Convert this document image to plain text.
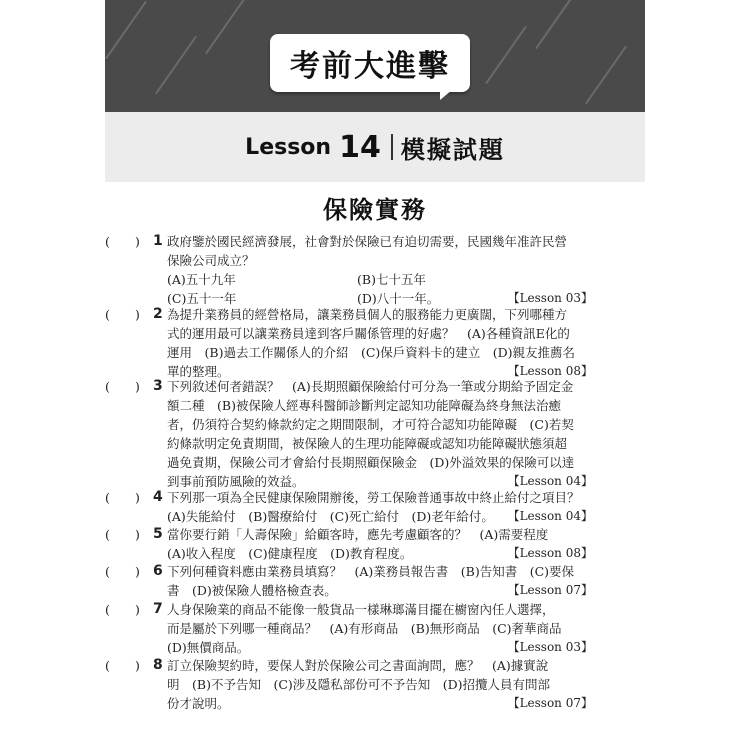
考前大進擊
Lesson 14 模擬試題
保險實務
( ) 1 政府鑒於國民經濟發展，社會對於保險已有迫切需要，民國幾年准許民營
保險公司成立？
(A)五十九年	(B)七十五年
(C)五十一年	(D)八十一年。	【Lesson 03】
( ) 2 為提升業務員的經營格局，讓業務員個人的服務能力更廣闊，下列哪種方
式的運用最可以讓業務員達到客戶關係管理的好處？　(A)各種資訊E化的
運用　(B)過去工作關係人的介紹　(C)保戶資料卡的建立　(D)親友推薦名
單的整理。	【Lesson 08】
( ) 3 下列敘述何者錯誤？　(A)長期照顧保險給付可分為一筆或分期給予固定金
額二種　(B)被保險人經專科醫師診斷判定認知功能障礙為終身無法治癒
者，仍須符合契約條款約定之期間限制，才可符合認知功能障礙　(C)若契
約條款明定免責期間，被保險人的生理功能障礙或認知功能障礙狀態須超
過免責期，保險公司才會給付長期照顧保險金　(D)外溢效果的保險可以達
到事前預防風險的效益。	【Lesson 04】
( ) 4 下列那一項為全民健康保險開辦後，勞工保險普通事故中終止給付之項目？
(A)失能給付　(B)醫療給付　(C)死亡給付　(D)老年給付。 【Lesson 04】
( ) 5 當你要行銷「人壽保險」給顧客時，應先考慮顧客的？　(A)需要程度
(A)收入程度　(C)健康程度　(D)教育程度。	【Lesson 08】
( ) 6 下列何種資料應由業務員填寫？　(A)業務員報告書　(B)告知書　(C)要保
書　(D)被保險人體格檢查表。	【Lesson 07】
( ) 7 人身保險業的商品不能像一般貨品一樣琳瑯滿目擺在櫥窗內任人選擇，
而是屬於下列哪一種商品？　(A)有形商品　(B)無形商品　(C)奢華商品
(D)無價商品。	【Lesson 03】
( ) 8 訂立保險契約時，要保人對於保險公司之書面詢問，應？　(A)據實說
明　(B)不予告知　(C)涉及隱私部份可不予告知　(D)招攬人員有問部
份才說明。	【Lesson 07】
